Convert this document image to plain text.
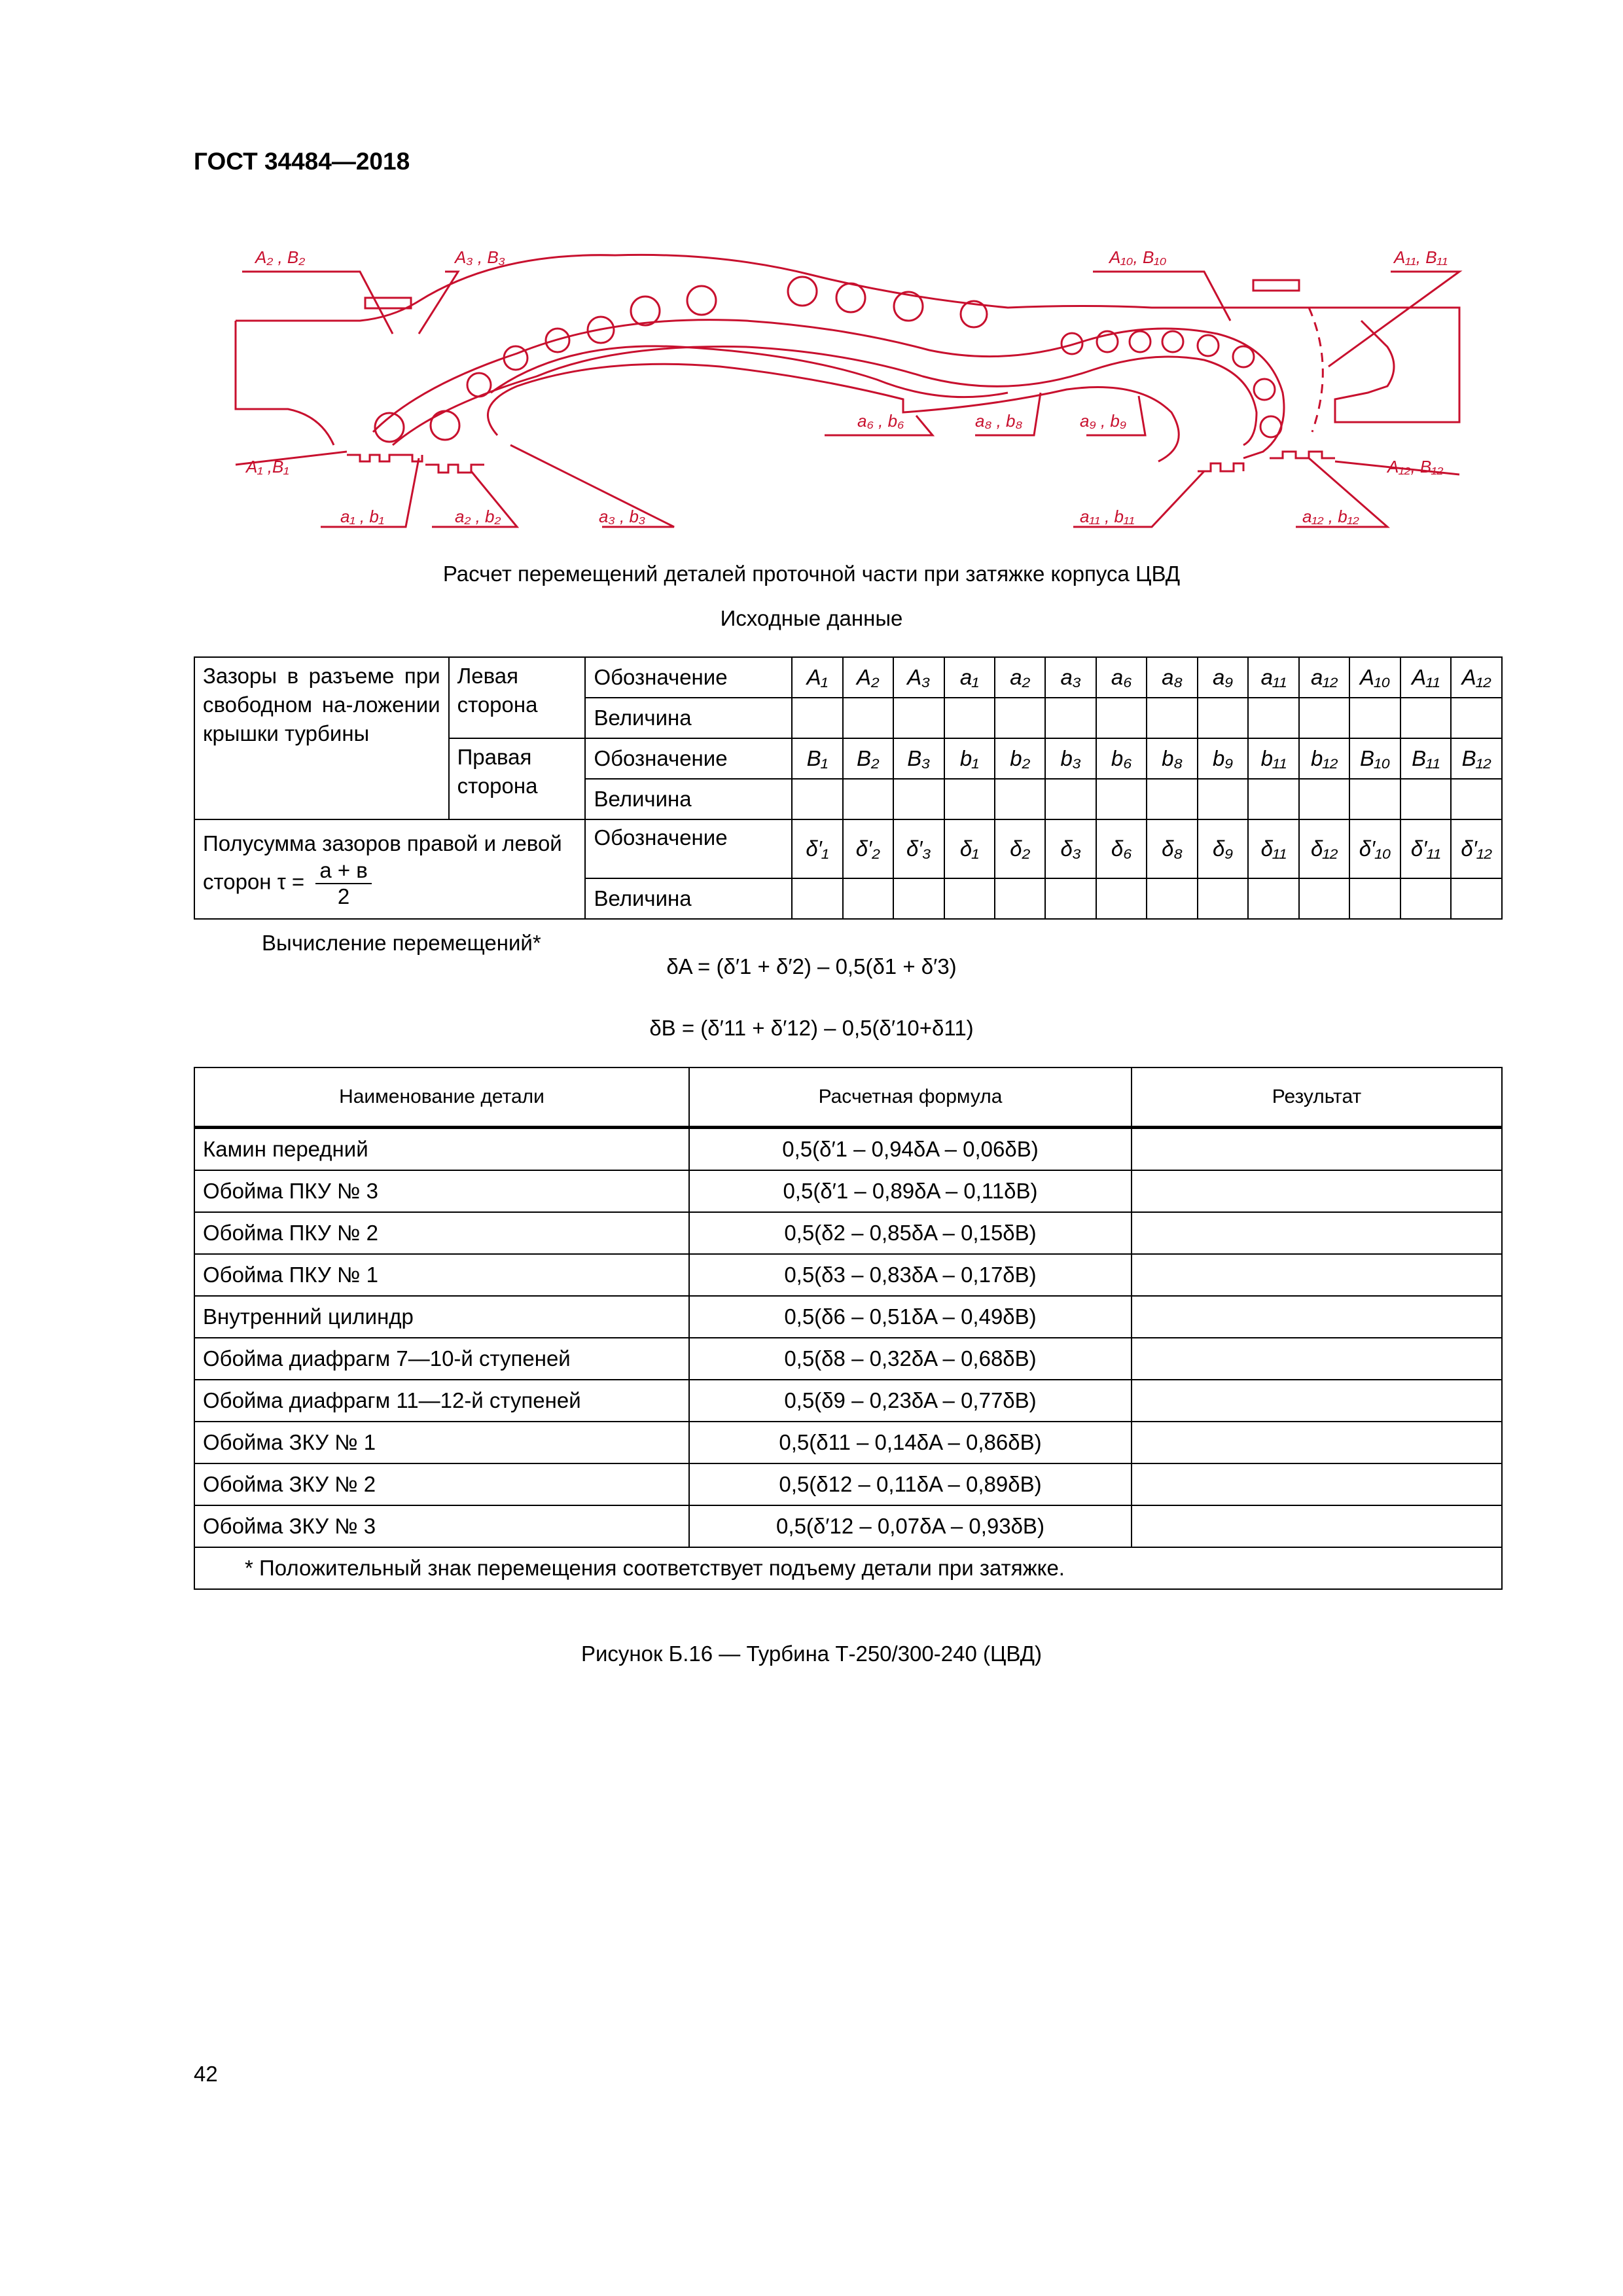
ГОСТ 34484—2018
A₂ , B₂	A₃ , B₃	A₁₀, B₁₀	A₁₁, B₁₁
a₆ , b₆	a₈ , b₈	a₉ , b₉
A₁ ,B₁	A₁₂, B₁₂
a₁ , b₁	a₂ , b₂	a₃ , b₃	a₁₁ , b₁₁	a₁₂ , b₁₂
Расчет перемещений деталей проточной части при затяжке корпуса ЦВД
Исходные данные
Зазоры в разъеме при свободном на-ложении крышки турбины	Левая сторона	Обозначение	A₁	A₂	A₃	a₁	a₂	a₃	a₆	a₈	a₉	a₁₁	a₁₂	A₁₀	A₁₁	A₁₂
		Величина														
	Правая сторона	Обозначение	B₁	B₂	B₃	b₁	b₂	b₃	b₆	b₈	b₉	b₁₁	b₁₂	B₁₀	B₁₁	B₁₂
		Величина														
Полусумма зазоров правой и левой сторон $\tau = \frac{а + в}{2}$		Обозначение	δ′₁	δ′₂	δ′₃	δ₁	δ₂	δ₃	δ₆	δ₈	δ₉	δ₁₁	δ₁₂	δ′₁₀	δ′₁₁	δ′₁₂
		Величина														
Вычисление перемещений*
δA = (δ′1 + δ′2) – 0,5(δ1 + δ′3)
δB = (δ′11 + δ′12) – 0,5(δ′10+δ11)
Наименование детали	Расчетная формула	Результат
Камин передний	0,5(δ′1 – 0,94δA – 0,06δB)	
Обойма ПКУ № 3	0,5(δ′1 – 0,89δA – 0,11δB)	
Обойма ПКУ № 2	0,5(δ2 – 0,85δA – 0,15δB)	
Обойма ПКУ № 1	0,5(δ3 – 0,83δA – 0,17δB)	
Внутренний цилиндр	0,5(δ6 – 0,51δA – 0,49δB)	
Обойма диафрагм 7—10-й ступеней	0,5(δ8 – 0,32δA – 0,68δB)	
Обойма диафрагм 11—12-й ступеней	0,5(δ9 – 0,23δA – 0,77δB)	
Обойма ЗКУ № 1	0,5(δ11 – 0,14δA – 0,86δB)	
Обойма ЗКУ № 2	0,5(δ12 – 0,11δA – 0,89δB)	
Обойма ЗКУ № 3	0,5(δ′12 – 0,07δA – 0,93δB)	
* Положительный знак перемещения соответствует подъему детали при затяжке.		
Рисунок Б.16 — Турбина Т-250/300-240 (ЦВД)
42
